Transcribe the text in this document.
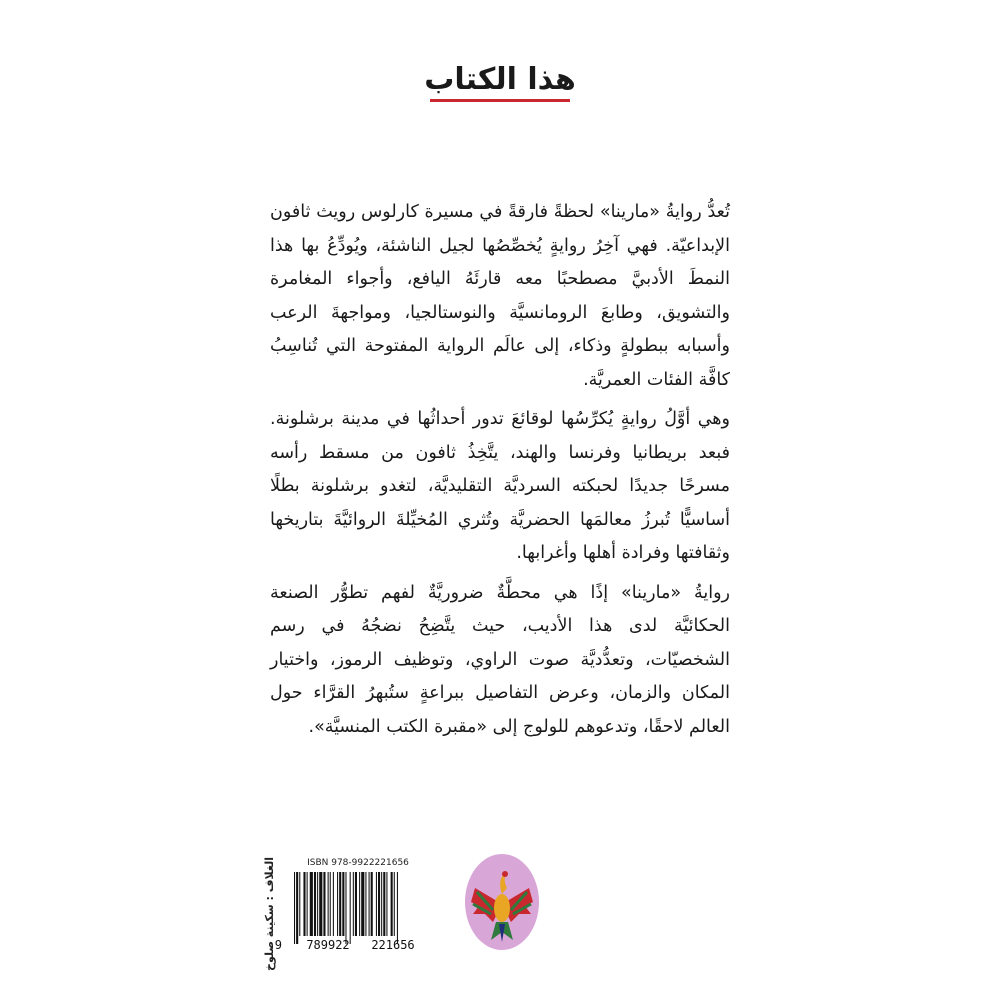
هذا الكتاب

تُعدُّ روايةُ «مارينا» لحظةً فارقةً في مسيرة كارلوس رويث ثافون الإبداعيّة. فهي آخِرُ روايةٍ يُخصِّصُها لجيل الناشئة، ويُودِّعُ بها هذا النمطَ الأدبيَّ مصطحبًا معه قارئَهُ اليافع، وأجواء المغامرة والتشويق، وطابعَ الرومانسيَّة والنوستالجيا، ومواجهةَ الرعب وأسبابه ببطولةٍ وذكاء، إلى عالَم الرواية المفتوحة التي تُناسِبُ كافَّة الفئات العمريَّة.

وهي أوَّلُ روايةٍ يُكرِّسُها لوقائعَ تدور أحداثُها في مدينة برشلونة. فبعد بريطانيا وفرنسا والهند، يتَّخِذُ ثافون من مسقط رأسه مسرحًا جديدًا لحبكته السرديَّة التقليديَّة، لتغدو برشلونة بطلًا أساسيًّا تُبرزُ معالمَها الحضريَّة وتُثري المُخيِّلةَ الروائيَّةَ بتاريخها وثقافتها وفرادة أهلها وأغرابها.

روايةُ «مارينا» إذًا هي محطَّةٌ ضروريَّةٌ لفهم تطوُّر الصنعة الحكائيَّة لدى هذا الأديب، حيث يتَّضِحُ نضجُهُ في رسم الشخصيّات، وتعدُّديَّة صوت الراوي، وتوظيف الرموز، واختيار المكان والزمان، وعرض التفاصيل ببراعةٍ ستُبهرُ القرَّاء حول العالم لاحقًا، وتدعوهم للولوج إلى «مقبرة الكتب المنسيَّة».

ISBN 978-9922221656
9 789922 221656
الغلاف : سكينة صلوخ
